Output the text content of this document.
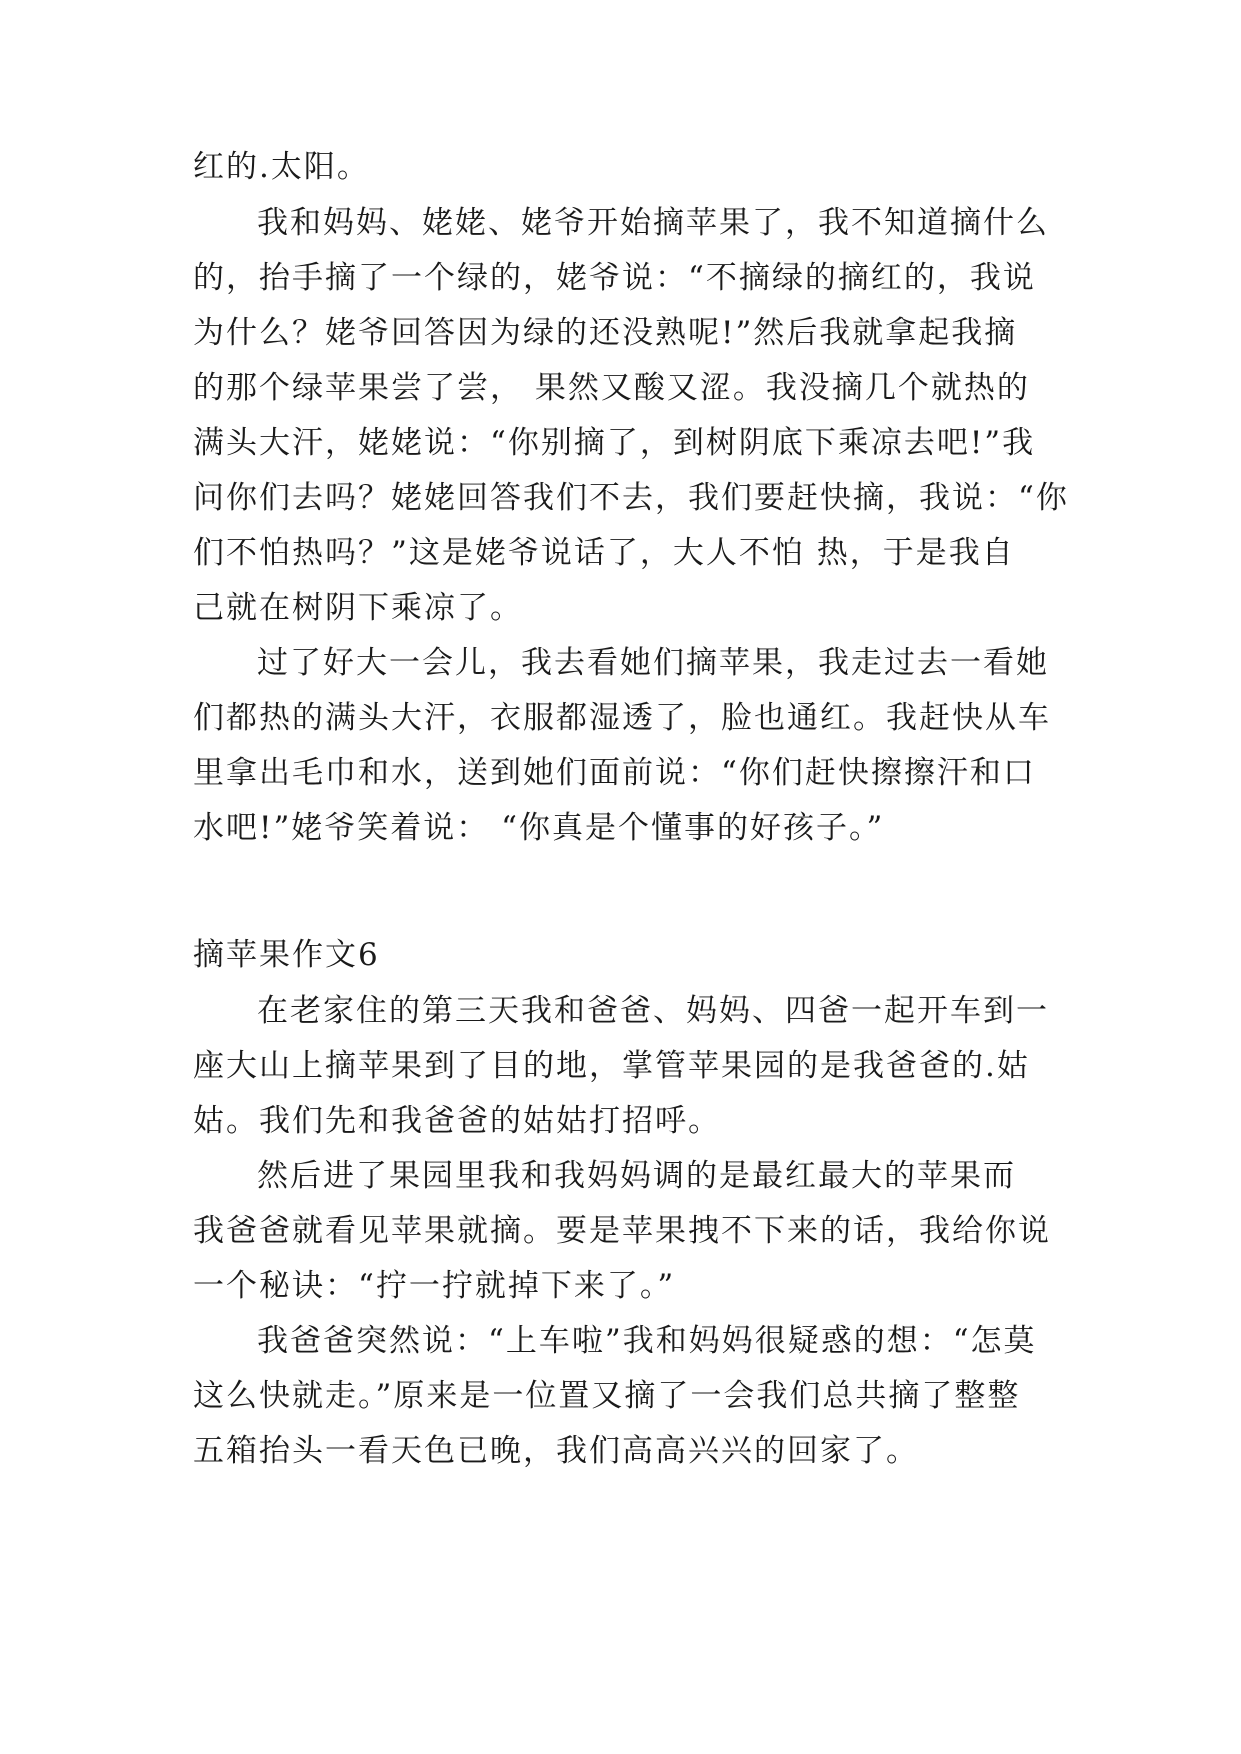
红的.太阳。
我和妈妈、姥姥、姥爷开始摘苹果了，我不知道摘什么
的，抬手摘了一个绿的，姥爷说：“不摘绿的摘红的，我说
为什么？姥爷回答因为绿的还没熟呢!”然后我就拿起我摘
的那个绿苹果尝了尝， 果然又酸又涩。我没摘几个就热的
满头大汗，姥姥说：“你别摘了，到树阴底下乘凉去吧!”我
问你们去吗？姥姥回答我们不去，我们要赶快摘，我说：“你
们不怕热吗？”这是姥爷说话了，大人不怕 热，于是我自
己就在树阴下乘凉了。
过了好大一会儿，我去看她们摘苹果，我走过去一看她
们都热的满头大汗，衣服都湿透了，脸也通红。我赶快从车
里拿出毛巾和水，送到她们面前说：“你们赶快擦擦汗和口
水吧!”姥爷笑着说： “你真是个懂事的好孩子。”
摘苹果作文6
在老家住的第三天我和爸爸、妈妈、四爸一起开车到一
座大山上摘苹果到了目的地，掌管苹果园的是我爸爸的.姑
姑。我们先和我爸爸的姑姑打招呼。
然后进了果园里我和我妈妈调的是最红最大的苹果而
我爸爸就看见苹果就摘。要是苹果拽不下来的话，我给你说
一个秘诀：“拧一拧就掉下来了。”
我爸爸突然说：“上车啦”我和妈妈很疑惑的想：“怎莫
这么快就走。”原来是一位置又摘了一会我们总共摘了整整
五箱抬头一看天色已晚，我们高高兴兴的回家了。
